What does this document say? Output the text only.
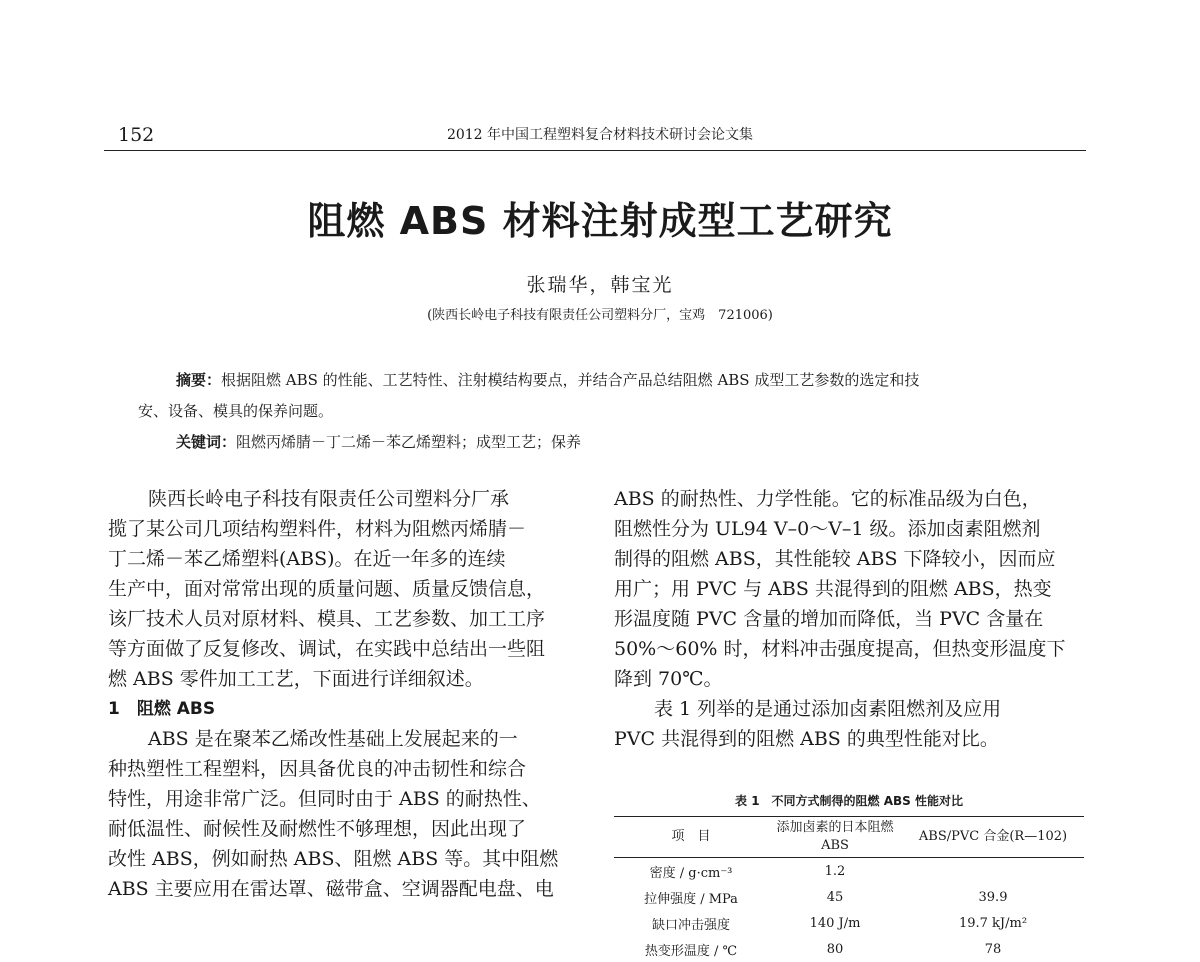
152	2012 年中国工程塑料复合材料技术研讨会论文集
阻燃 ABS 材料注射成型工艺研究
张瑞华，韩宝光
(陕西长岭电子科技有限责任公司塑料分厂，宝鸡　721006)
摘要：根据阻燃 ABS 的性能、工艺特性、注射模结构要点，并结合产品总结阻燃 ABS 成型工艺参数的选定和技
安、设备、模具的保养问题。
关键词：阻燃丙烯腈－丁二烯－苯乙烯塑料；成型工艺；保养

陕西长岭电子科技有限责任公司塑料分厂承
揽了某公司几项结构塑料件，材料为阻燃丙烯腈－
丁二烯－苯乙烯塑料(ABS)。在近一年多的连续
生产中，面对常常出现的质量问题、质量反馈信息，
该厂技术人员对原材料、模具、工艺参数、加工工序
等方面做了反复修改、调试，在实践中总结出一些阻
燃 ABS 零件加工工艺，下面进行详细叙述。

1　阻燃 ABS

ABS 是在聚苯乙烯改性基础上发展起来的一
种热塑性工程塑料，因具备优良的冲击韧性和综合
特性，用途非常广泛。但同时由于 ABS 的耐热性、
耐低温性、耐候性及耐燃性不够理想，因此出现了
改性 ABS，例如耐热 ABS、阻燃 ABS 等。其中阻燃
ABS 主要应用在雷达罩、磁带盒、空调器配电盘、电

ABS 的耐热性、力学性能。它的标准品级为白色，
阻燃性分为 UL94 V–0～V–1 级。添加卤素阻燃剂
制得的阻燃 ABS，其性能较 ABS 下降较小，因而应
用广；用 PVC 与 ABS 共混得到的阻燃 ABS，热变
形温度随 PVC 含量的增加而降低，当 PVC 含量在
50%～60% 时，材料冲击强度提高，但热变形温度下
降到 70℃。

表 1 列举的是通过添加卤素阻燃剂及应用
PVC 共混得到的阻燃 ABS 的典型性能对比。

表 1　不同方式制得的阻燃 ABS 性能对比
项　目	添加卤素的日本阻燃 ABS	ABS/PVC 合金(R—102)
密度 / g·cm⁻³	1.2	
拉伸强度 / MPa	45	39.9
缺口冲击强度	140 J/m	19.7 kJ/m²
热变形温度 / ℃	80	78
